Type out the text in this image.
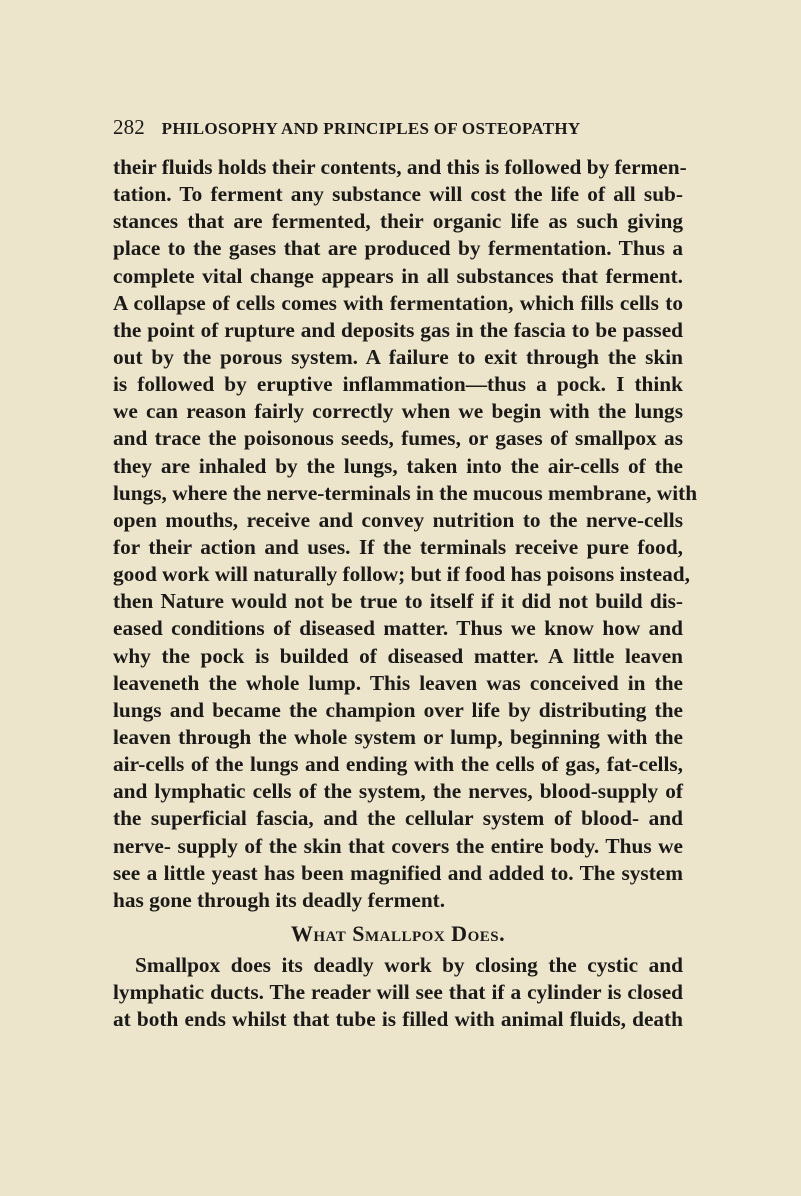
282 PHILOSOPHY AND PRINCIPLES OF OSTEOPATHY
their fluids holds their contents, and this is followed by fermen-
tation. To ferment any substance will cost the life of all sub-
stances that are fermented, their organic life as such giving
place to the gases that are produced by fermentation. Thus a
complete vital change appears in all substances that ferment.
A collapse of cells comes with fermentation, which fills cells to
the point of rupture and deposits gas in the fascia to be passed
out by the porous system. A failure to exit through the skin
is followed by eruptive inflammation—thus a pock. I think
we can reason fairly correctly when we begin with the lungs
and trace the poisonous seeds, fumes, or gases of smallpox as
they are inhaled by the lungs, taken into the air-cells of the
lungs, where the nerve-terminals in the mucous membrane, with
open mouths, receive and convey nutrition to the nerve-cells
for their action and uses. If the terminals receive pure food,
good work will naturally follow; but if food has poisons instead,
then Nature would not be true to itself if it did not build dis-
eased conditions of diseased matter. Thus we know how and
why the pock is builded of diseased matter. A little leaven
leaveneth the whole lump. This leaven was conceived in the
lungs and became the champion over life by distributing the
leaven through the whole system or lump, beginning with the
air-cells of the lungs and ending with the cells of gas, fat-cells,
and lymphatic cells of the system, the nerves, blood-supply of
the superficial fascia, and the cellular system of blood- and
nerve- supply of the skin that covers the entire body. Thus we
see a little yeast has been magnified and added to. The system
has gone through its deadly ferment.
What Smallpox Does.
Smallpox does its deadly work by closing the cystic and
lymphatic ducts. The reader will see that if a cylinder is closed
at both ends whilst that tube is filled with animal fluids, death
